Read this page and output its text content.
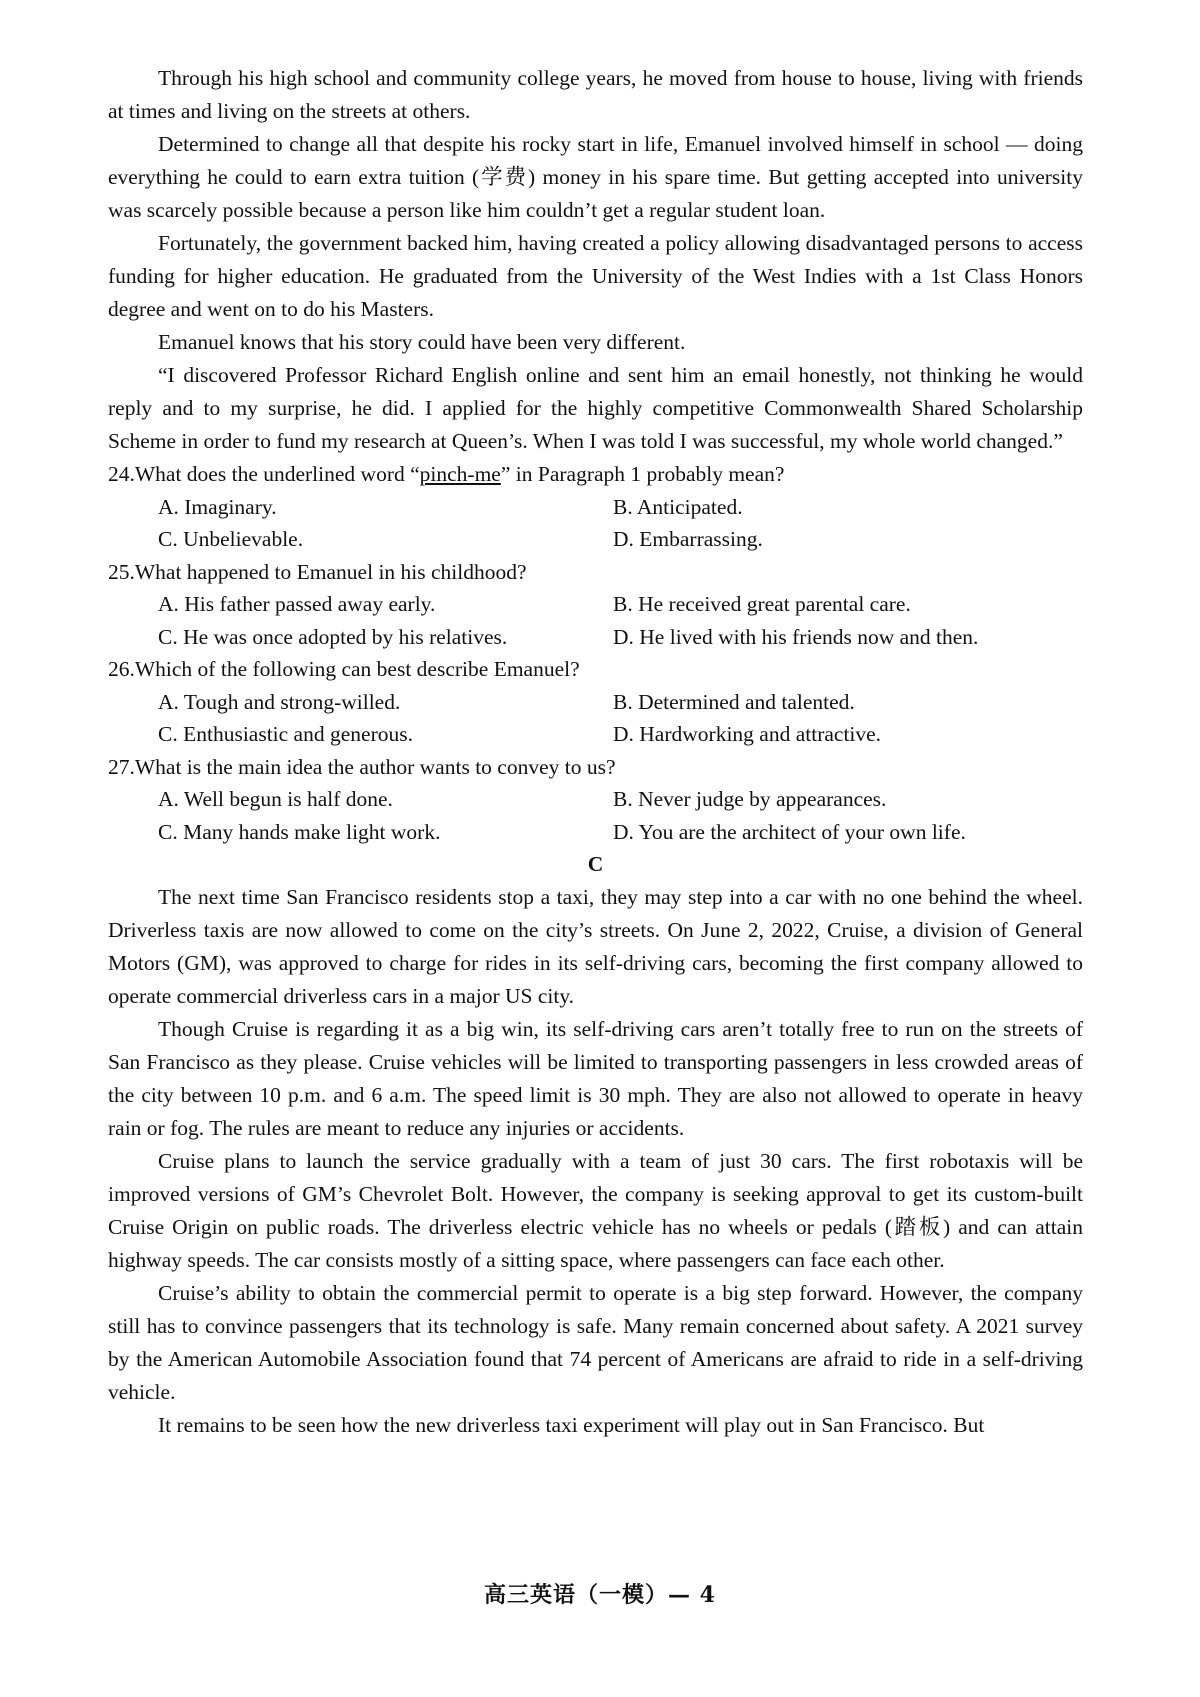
Through his high school and community college years, he moved from house to house, living with friends at times and living on the streets at others.

Determined to change all that despite his rocky start in life, Emanuel involved himself in school — doing everything he could to earn extra tuition (学费) money in his spare time. But getting accepted into university was scarcely possible because a person like him couldn’t get a regular student loan.

Fortunately, the government backed him, having created a policy allowing disadvantaged persons to access funding for higher education. He graduated from the University of the West Indies with a 1st Class Honors degree and went on to do his Masters.

Emanuel knows that his story could have been very different.

“I discovered Professor Richard English online and sent him an email honestly, not thinking he would reply and to my surprise, he did. I applied for the highly competitive Commonwealth Shared Scholarship Scheme in order to fund my research at Queen’s. When I was told I was successful, my whole world changed.”

24.What does the underlined word “pinch-me” in Paragraph 1 probably mean?

A. Imaginary.	B. Anticipated.
C. Unbelievable.	D. Embarrassing.

25.What happened to Emanuel in his childhood?

A. His father passed away early.	B. He received great parental care.
C. He was once adopted by his relatives.	D. He lived with his friends now and then.

26.Which of the following can best describe Emanuel?

A. Tough and strong-willed.	B. Determined and talented.
C. Enthusiastic and generous.	D. Hardworking and attractive.

27.What is the main idea the author wants to convey to us?

A. Well begun is half done.	B. Never judge by appearances.
C. Many hands make light work.	D. You are the architect of your own life.

C

The next time San Francisco residents stop a taxi, they may step into a car with no one behind the wheel. Driverless taxis are now allowed to come on the city’s streets. On June 2, 2022, Cruise, a division of General Motors (GM), was approved to charge for rides in its self-driving cars, becoming the first company allowed to operate commercial driverless cars in a major US city.

Though Cruise is regarding it as a big win, its self-driving cars aren’t totally free to run on the streets of San Francisco as they please. Cruise vehicles will be limited to transporting passengers in less crowded areas of the city between 10 p.m. and 6 a.m. The speed limit is 30 mph. They are also not allowed to operate in heavy rain or fog. The rules are meant to reduce any injuries or accidents.

Cruise plans to launch the service gradually with a team of just 30 cars. The first robotaxis will be improved versions of GM’s Chevrolet Bolt. However, the company is seeking approval to get its custom-built Cruise Origin on public roads. The driverless electric vehicle has no wheels or pedals (踏板) and can attain highway speeds. The car consists mostly of a sitting space, where passengers can face each other.

Cruise’s ability to obtain the commercial permit to operate is a big step forward. However, the company still has to convince passengers that its technology is safe. Many remain concerned about safety. A 2021 survey by the American Automobile Association found that 74 percent of Americans are afraid to ride in a self-driving vehicle.

It remains to be seen how the new driverless taxi experiment will play out in San Francisco. But

高三英语（一模）— 4
